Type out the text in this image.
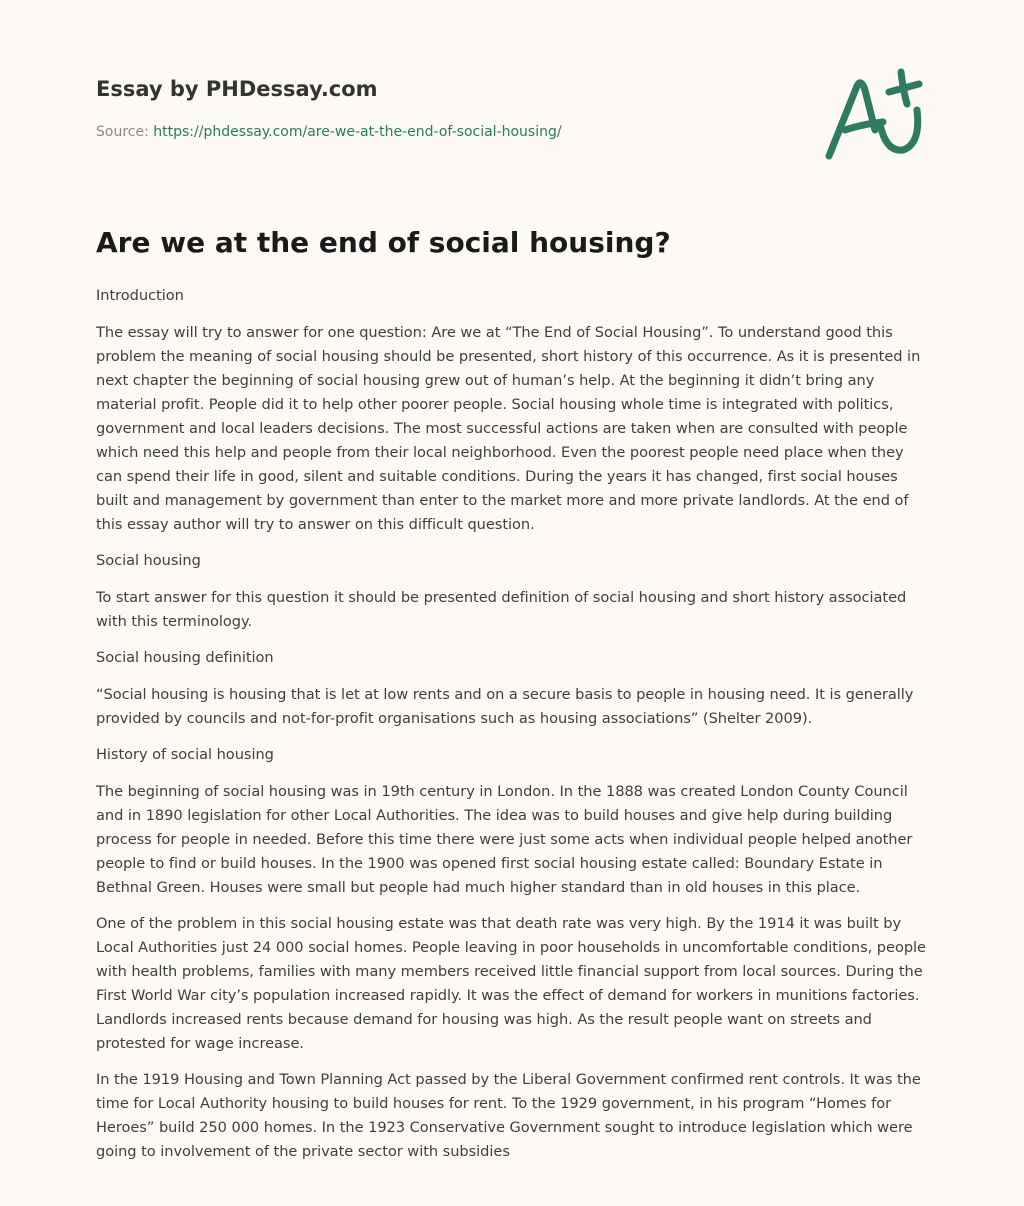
Essay by PHDessay.com
Source: https://phdessay.com/are-we-at-the-end-of-social-housing/
Are we at the end of social housing?

Introduction

The essay will try to answer for one question: Are we at “The End of Social Housing”. To understand good this problem the meaning of social housing should be presented, short history of this occurrence. As it is presented in next chapter the beginning of social housing grew out of human’s help. At the beginning it didn’t bring any material profit. People did it to help other poorer people. Social housing whole time is integrated with politics, government and local leaders decisions. The most successful actions are taken when are consulted with people which need this help and people from their local neighborhood. Even the poorest people need place when they can spend their life in good, silent and suitable conditions. During the years it has changed, first social houses built and management by government than enter to the market more and more private landlords. At the end of this essay author will try to answer on this difficult question.

Social housing

To start answer for this question it should be presented definition of social housing and short history associated with this terminology.

Social housing definition

“Social housing is housing that is let at low rents and on a secure basis to people in housing need. It is generally provided by councils and not-for-profit organisations such as housing associations” (Shelter 2009).

History of social housing

The beginning of social housing was in 19th century in London. In the 1888 was created London County Council and in 1890 legislation for other Local Authorities. The idea was to build houses and give help during building process for people in needed. Before this time there were just some acts when individual people helped another people to find or build houses. In the 1900 was opened first social housing estate called: Boundary Estate in Bethnal Green. Houses were small but people had much higher standard than in old houses in this place.

One of the problem in this social housing estate was that death rate was very high. By the 1914 it was built by Local Authorities just 24 000 social homes. People leaving in poor households in uncomfortable conditions, people with health problems, families with many members received little financial support from local sources. During the First World War city’s population increased rapidly. It was the effect of demand for workers in munitions factories. Landlords increased rents because demand for housing was high. As the result people want on streets and protested for wage increase.

In the 1919 Housing and Town Planning Act passed by the Liberal Government confirmed rent controls. It was the time for Local Authority housing to build houses for rent. To the 1929 government, in his program “Homes for Heroes” build 250 000 homes. In the 1923 Conservative Government sought to introduce legislation which were going to involvement of the private sector with subsidies
